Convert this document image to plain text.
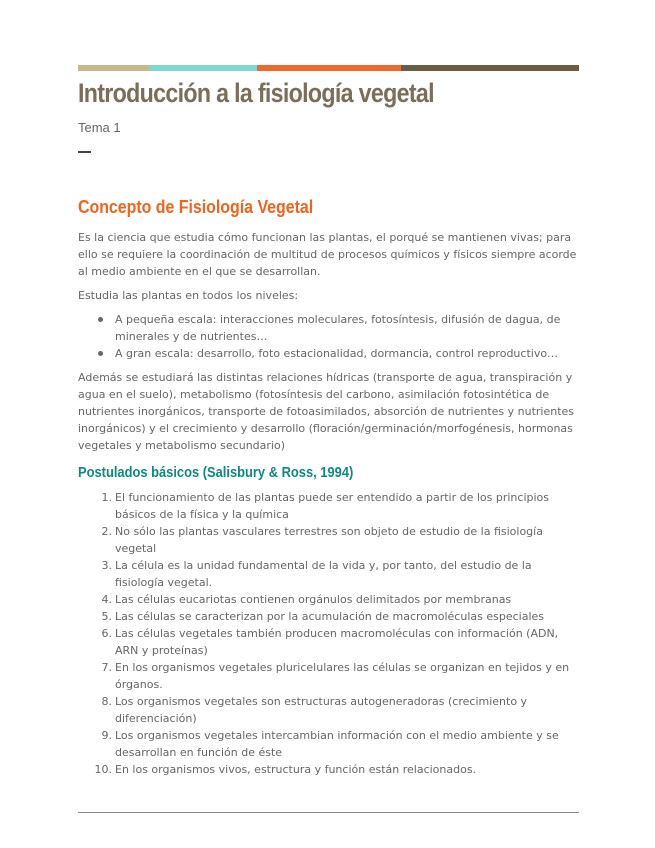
Introducción a la fisiología vegetal
Tema 1
Concepto de Fisiología Vegetal

Es la ciencia que estudia cómo funcionan las plantas, el porqué se mantienen vivas; para ello se requiere la coordinación de multitud de procesos químicos y físicos siempre acorde al medio ambiente en el que se desarrollan.

Estudia las plantas en todos los niveles:

A pequeña escala: interacciones moleculares, fotosíntesis, difusión de dagua, de minerales y de nutrientes…
A gran escala: desarrollo, foto estacionalidad, dormancia, control reproductivo…

Además se estudiará las distintas relaciones hídricas (transporte de agua, transpiración y agua en el suelo), metabolismo (fotosíntesis del carbono, asimilación fotosintética de nutrientes inorgánicos, transporte de fotoasimilados, absorción de nutrientes y nutrientes inorgánicos) y el crecimiento y desarrollo (floración/germinación/morfogénesis, hormonas vegetales y metabolismo secundario)

Postulados básicos (Salisbury & Ross, 1994)
1. El funcionamiento de las plantas puede ser entendido a partir de los principios básicos de la física y la química
2. No sólo las plantas vasculares terrestres son objeto de estudio de la fisiología vegetal
3. La célula es la unidad fundamental de la vida y, por tanto, del estudio de la fisiología vegetal.
4. Las células eucariotas contienen orgánulos delimitados por membranas
5. Las células se caracterizan por la acumulación de macromoléculas especiales
6. Las células vegetales también producen macromoléculas con información (ADN, ARN y proteínas)
7. En los organismos vegetales pluricelulares las células se organizan en tejidos y en órganos.
8. Los organismos vegetales son estructuras autogeneradoras (crecimiento y diferenciación)
9. Los organismos vegetales intercambian información con el medio ambiente y se desarrollan en función de éste
10. En los organismos vivos, estructura y función están relacionados.
